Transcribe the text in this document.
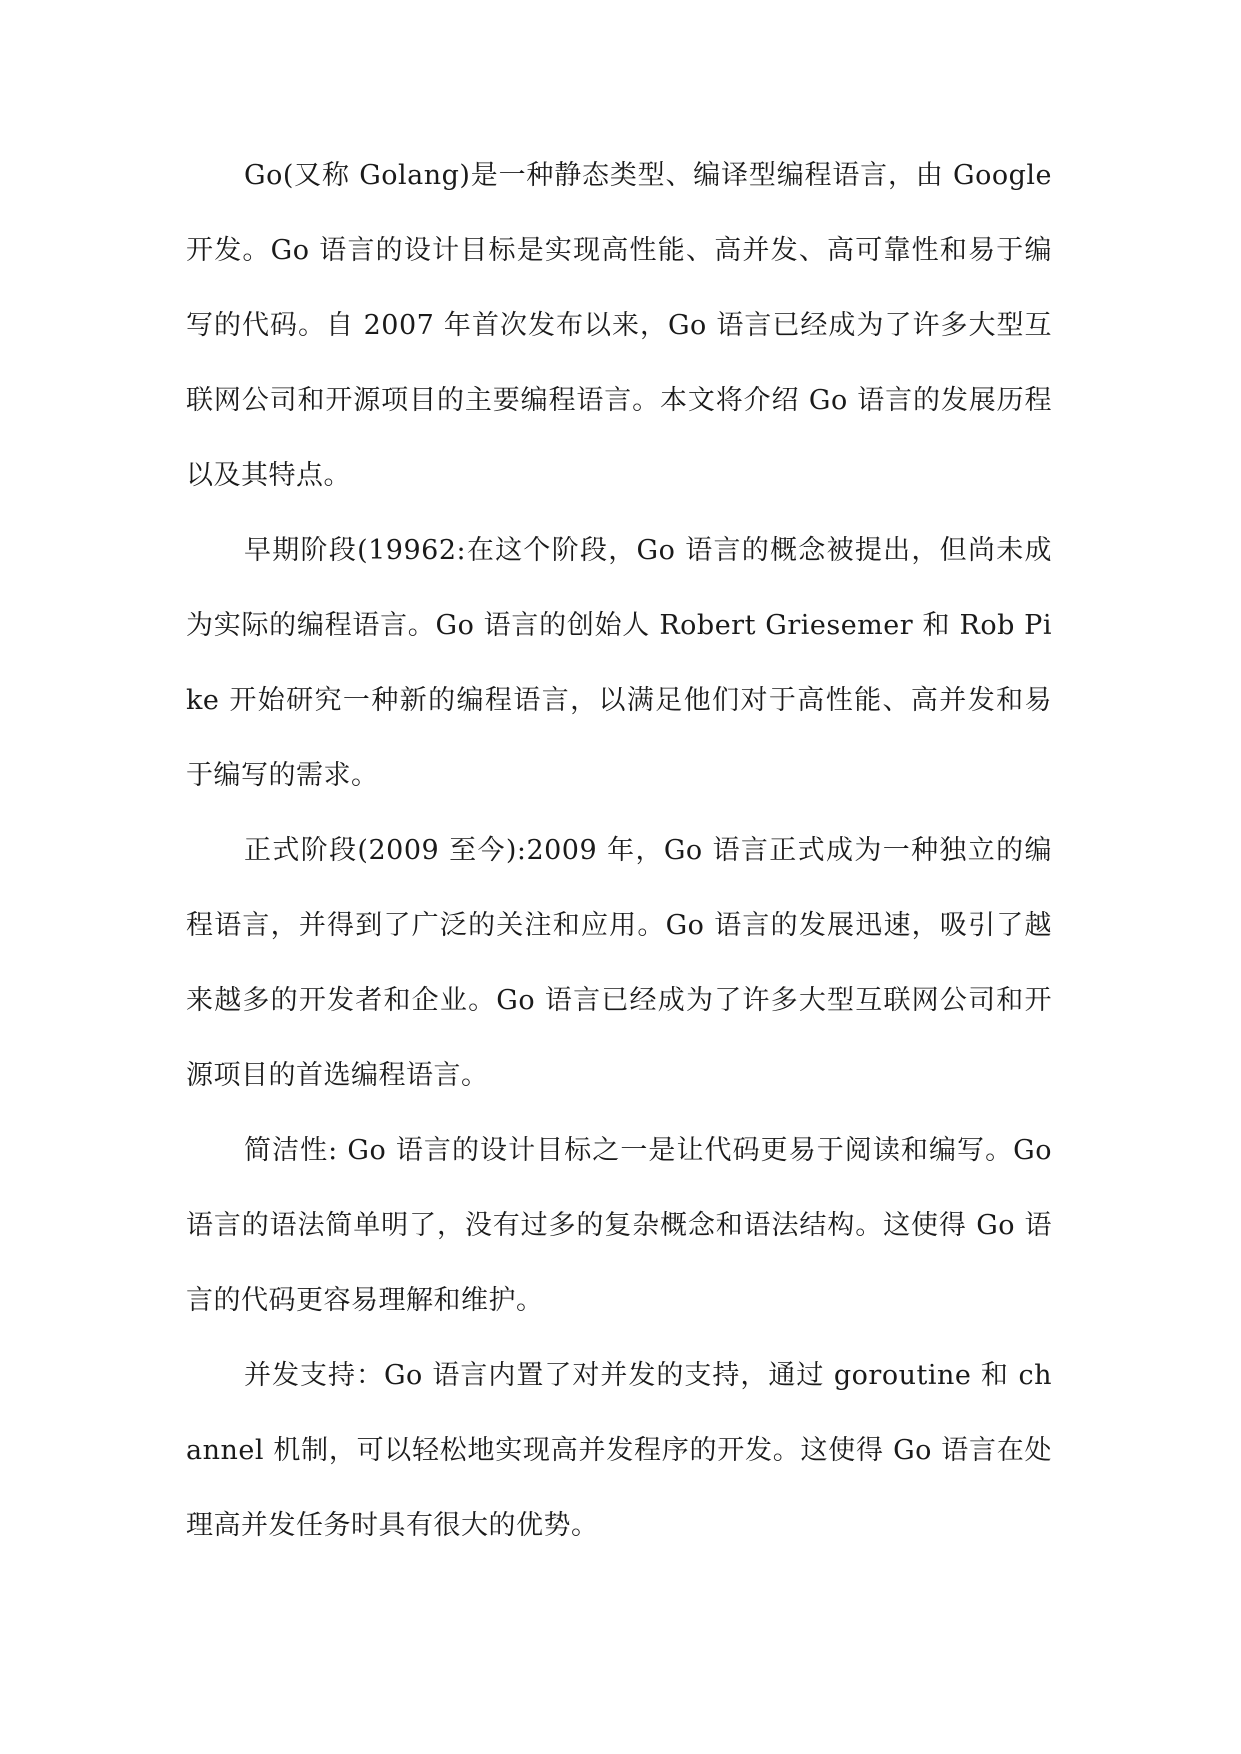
Go(又称 Golang)是一种静态类型、编译型编程语言，由 Google 开发。Go 语言的设计目标是实现高性能、高并发、高可靠性和易于编写的代码。自 2007 年首次发布以来，Go 语言已经成为了许多大型互联网公司和开源项目的主要编程语言。本文将介绍 Go 语言的发展历程以及其特点。

早期阶段(19962:在这个阶段，Go 语言的概念被提出，但尚未成为实际的编程语言。Go 语言的创始人 Robert Griesemer 和 Rob Pike 开始研究一种新的编程语言，以满足他们对于高性能、高并发和易于编写的需求。

正式阶段(2009 至今):2009 年，Go 语言正式成为一种独立的编程语言，并得到了广泛的关注和应用。Go 语言的发展迅速，吸引了越来越多的开发者和企业。Go 语言已经成为了许多大型互联网公司和开源项目的首选编程语言。

简洁性: Go 语言的设计目标之一是让代码更易于阅读和编写。Go 语言的语法简单明了，没有过多的复杂概念和语法结构。这使得 Go 语言的代码更容易理解和维护。

并发支持：Go 语言内置了对并发的支持，通过 goroutine 和 channel 机制，可以轻松地实现高并发程序的开发。这使得 Go 语言在处理高并发任务时具有很大的优势。
